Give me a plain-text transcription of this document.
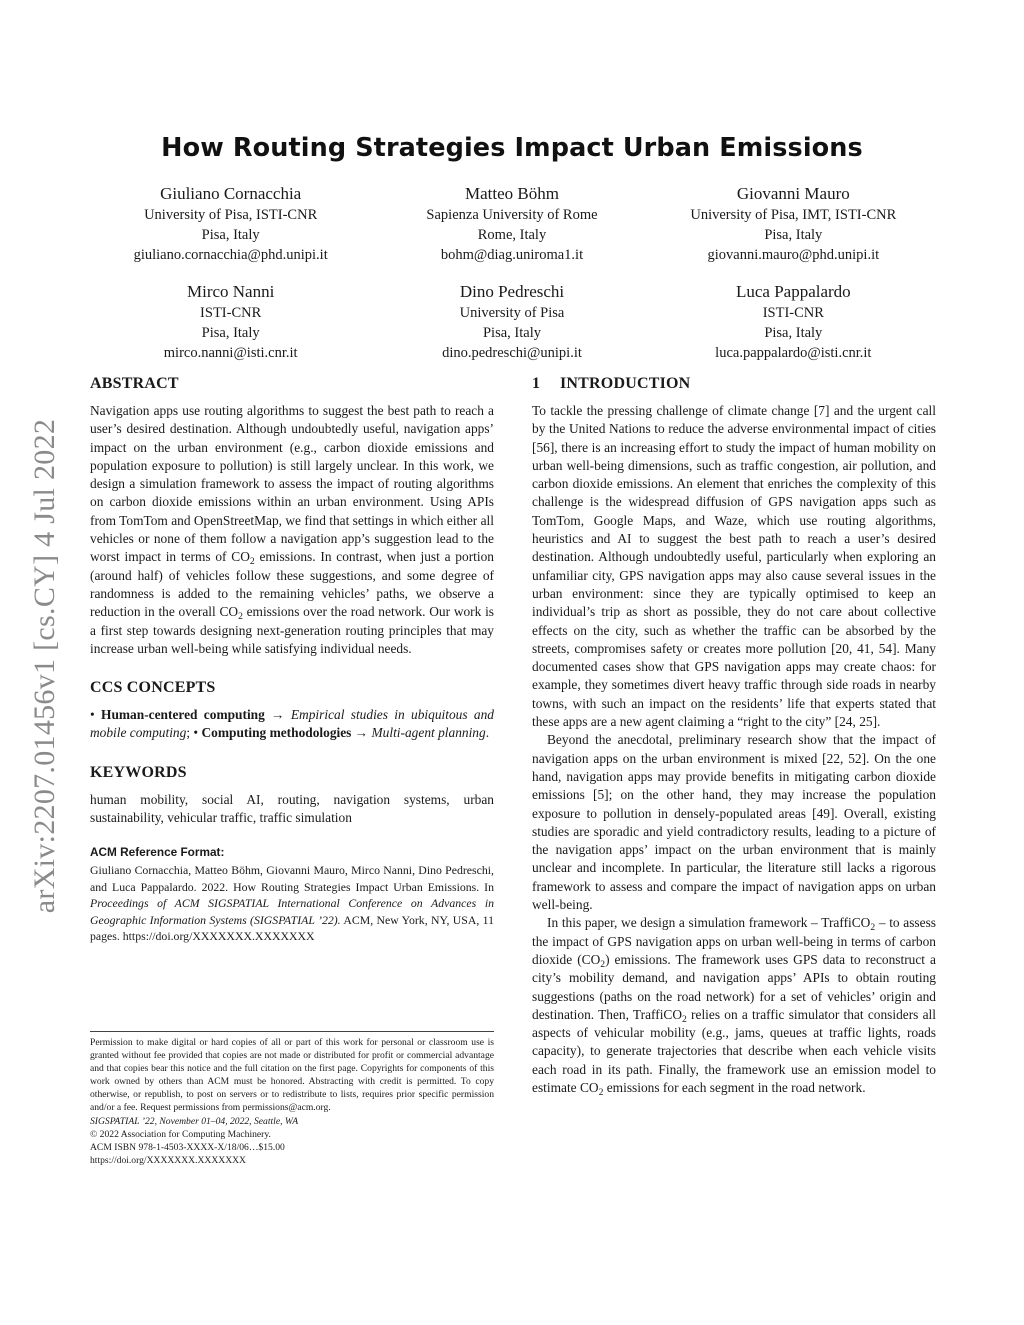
arXiv:2207.01456v1 [cs.CY] 4 Jul 2022
How Routing Strategies Impact Urban Emissions
Giuliano Cornacchia
University of Pisa, ISTI-CNR
Pisa, Italy
giuliano.cornacchia@phd.unipi.it
Matteo Böhm
Sapienza University of Rome
Rome, Italy
bohm@diag.uniroma1.it
Giovanni Mauro
University of Pisa, IMT, ISTI-CNR
Pisa, Italy
giovanni.mauro@phd.unipi.it
Mirco Nanni
ISTI-CNR
Pisa, Italy
mirco.nanni@isti.cnr.it
Dino Pedreschi
University of Pisa
Pisa, Italy
dino.pedreschi@unipi.it
Luca Pappalardo
ISTI-CNR
Pisa, Italy
luca.pappalardo@isti.cnr.it
ABSTRACT

Navigation apps use routing algorithms to suggest the best path to reach a user’s desired destination. Although undoubtedly useful, navigation apps’ impact on the urban environment (e.g., carbon dioxide emissions and population exposure to pollution) is still largely unclear. In this work, we design a simulation framework to assess the impact of routing algorithms on carbon dioxide emissions within an urban environment. Using APIs from TomTom and OpenStreetMap, we find that settings in which either all vehicles or none of them follow a navigation app’s suggestion lead to the worst impact in terms of $CO_2$ emissions. In contrast, when just a portion (around half) of vehicles follow these suggestions, and some degree of randomness is added to the remaining vehicles’ paths, we observe a reduction in the overall $CO_2$ emissions over the road network. Our work is a first step towards designing next-generation routing principles that may increase urban well-being while satisfying individual needs.

CCS CONCEPTS

• Human-centered computing → Empirical studies in ubiquitous and mobile computing; • Computing methodologies → Multi-agent planning.

KEYWORDS

human mobility, social AI, routing, navigation systems, urban sustainability, vehicular traffic, traffic simulation

ACM Reference Format:

Giuliano Cornacchia, Matteo Böhm, Giovanni Mauro, Mirco Nanni, Dino Pedreschi, and Luca Pappalardo. 2022. How Routing Strategies Impact Urban Emissions. In Proceedings of ACM SIGSPATIAL International Conference on Advances in Geographic Information Systems (SIGSPATIAL ’22). ACM, New York, NY, USA, 11 pages. https://doi.org/XXXXXXX.XXXXXXX

Permission to make digital or hard copies of all or part of this work for personal or classroom use is granted without fee provided that copies are not made or distributed for profit or commercial advantage and that copies bear this notice and the full citation on the first page. Copyrights for components of this work owned by others than ACM must be honored. Abstracting with credit is permitted. To copy otherwise, or republish, to post on servers or to redistribute to lists, requires prior specific permission and/or a fee. Request permissions from permissions@acm.org.

SIGSPATIAL ’22, November 01–04, 2022, Seattle, WA

© 2022 Association for Computing Machinery.

ACM ISBN 978-1-4503-XXXX-X/18/06…$15.00

https://doi.org/XXXXXXX.XXXXXXX

1 INTRODUCTION

To tackle the pressing challenge of climate change [7] and the urgent call by the United Nations to reduce the adverse environmental impact of cities [56], there is an increasing effort to study the impact of human mobility on urban well-being dimensions, such as traffic congestion, air pollution, and carbon dioxide emissions. An element that enriches the complexity of this challenge is the widespread diffusion of GPS navigation apps such as TomTom, Google Maps, and Waze, which use routing algorithms, heuristics and AI to suggest the best path to reach a user’s desired destination. Although undoubtedly useful, particularly when exploring an unfamiliar city, GPS navigation apps may also cause several issues in the urban environment: since they are typically optimised to keep an individual’s trip as short as possible, they do not care about collective effects on the city, such as whether the traffic can be absorbed by the streets, compromises safety or creates more pollution [20, 41, 54]. Many documented cases show that GPS navigation apps may create chaos: for example, they sometimes divert heavy traffic through side roads in nearby towns, with such an impact on the residents’ life that experts stated that these apps are a new agent claiming a “right to the city” [24, 25].

Beyond the anecdotal, preliminary research show that the impact of navigation apps on the urban environment is mixed [22, 52]. On the one hand, navigation apps may provide benefits in mitigating carbon dioxide emissions [5]; on the other hand, they may increase the population exposure to pollution in densely-populated areas [49]. Overall, existing studies are sporadic and yield contradictory results, leading to a picture of the navigation apps’ impact on the urban environment that is mainly unclear and incomplete. In particular, the literature still lacks a rigorous framework to assess and compare the impact of navigation apps on urban well-being.

In this paper, we design a simulation framework – TraffiCO$_2$ – to assess the impact of GPS navigation apps on urban well-being in terms of carbon dioxide $(CO_2)$ emissions. The framework uses GPS data to reconstruct a city’s mobility demand, and navigation apps’ APIs to obtain routing suggestions (paths on the road network) for a set of vehicles’ origin and destination. Then, TraffiCO$_2$ relies on a traffic simulator that considers all aspects of vehicular mobility (e.g., jams, queues at traffic lights, roads capacity), to generate trajectories that describe when each vehicle visits each road in its path. Finally, the framework use an emission model to estimate $CO_2$ emissions for each segment in the road network.
